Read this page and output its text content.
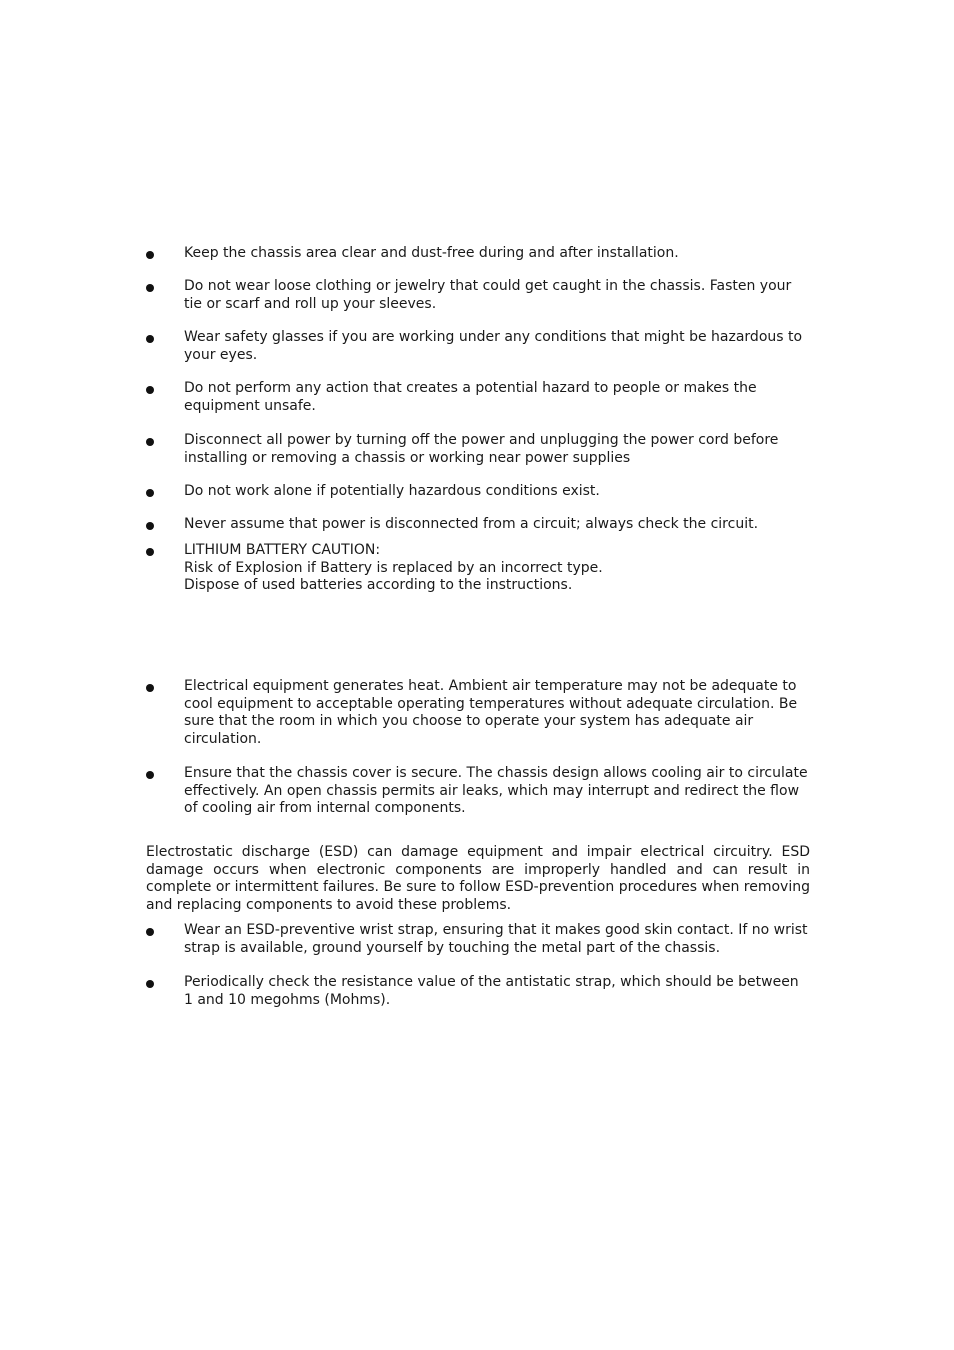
Keep the chassis area clear and dust-free during and after installation.
Do not wear loose clothing or jewelry that could get caught in the chassis. Fasten your tie or scarf and roll up your sleeves.
Wear safety glasses if you are working under any conditions that might be hazardous to your eyes.
Do not perform any action that creates a potential hazard to people or makes the equipment unsafe.
Disconnect all power by turning off the power and unplugging the power cord before installing or removing a chassis or working near power supplies
Do not work alone if potentially hazardous conditions exist.
Never assume that power is disconnected from a circuit; always check the circuit.
LITHIUM BATTERY CAUTION:
Risk of Explosion if Battery is replaced by an incorrect type.
Dispose of used batteries according to the instructions.
Electrical equipment generates heat. Ambient air temperature may not be adequate to cool equipment to acceptable operating temperatures without adequate circulation. Be sure that the room in which you choose to operate your system has adequate air circulation.
Ensure that the chassis cover is secure. The chassis design allows cooling air to circulate effectively. An open chassis permits air leaks, which may interrupt and redirect the flow of cooling air from internal components.
Electrostatic discharge (ESD) can damage equipment and impair electrical circuitry. ESD damage occurs when electronic components are improperly handled and can result in complete or intermittent failures. Be sure to follow ESD-prevention procedures when removing and replacing components to avoid these problems.
Wear an ESD-preventive wrist strap, ensuring that it makes good skin contact. If no wrist strap is available, ground yourself by touching the metal part of the chassis.
Periodically check the resistance value of the antistatic strap, which should be between 1 and 10 megohms (Mohms).
